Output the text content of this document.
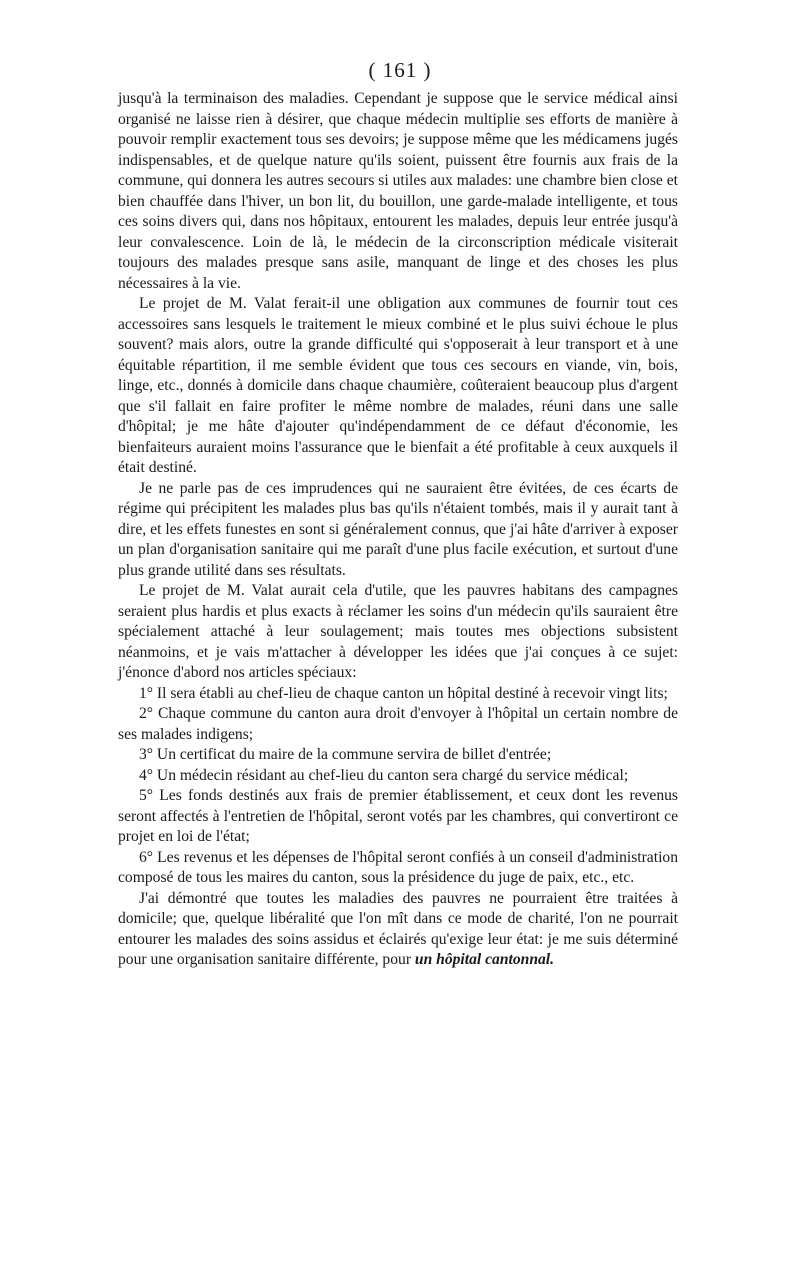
( 161 )

jusqu'à la terminaison des maladies. Cependant je suppose que le service médical ainsi organisé ne laisse rien à désirer, que chaque médecin multiplie ses efforts de manière à pouvoir remplir exactement tous ses devoirs; je suppose même que les médicamens jugés indispensables, et de quelque nature qu'ils soient, puissent être fournis aux frais de la commune, qui donnera les autres secours si utiles aux malades: une chambre bien close et bien chauffée dans l'hiver, un bon lit, du bouillon, une garde-malade intelligente, et tous ces soins divers qui, dans nos hôpitaux, entourent les malades, depuis leur entrée jusqu'à leur convalescence. Loin de là, le médecin de la circonscription médicale visiterait toujours des malades presque sans asile, manquant de linge et des choses les plus nécessaires à la vie.

Le projet de M. Valat ferait-il une obligation aux communes de fournir tout ces accessoires sans lesquels le traitement le mieux combiné et le plus suivi échoue le plus souvent? mais alors, outre la grande difficulté qui s'opposerait à leur transport et à une équitable répartition, il me semble évident que tous ces secours en viande, vin, bois, linge, etc., donnés à domicile dans chaque chaumière, coûteraient beaucoup plus d'argent que s'il fallait en faire profiter le même nombre de malades, réuni dans une salle d'hôpital; je me hâte d'ajouter qu'indépendamment de ce défaut d'économie, les bienfaiteurs auraient moins l'assurance que le bienfait a été profitable à ceux auxquels il était destiné.

Je ne parle pas de ces imprudences qui ne sauraient être évitées, de ces écarts de régime qui précipitent les malades plus bas qu'ils n'étaient tombés, mais il y aurait tant à dire, et les effets funestes en sont si généralement connus, que j'ai hâte d'arriver à exposer un plan d'organisation sanitaire qui me paraît d'une plus facile exécution, et surtout d'une plus grande utilité dans ses résultats.

Le projet de M. Valat aurait cela d'utile, que les pauvres habitans des campagnes seraient plus hardis et plus exacts à réclamer les soins d'un médecin qu'ils sauraient être spécialement attaché à leur soulagement; mais toutes mes objections subsistent néanmoins, et je vais m'attacher à développer les idées que j'ai conçues à ce sujet: j'énonce d'abord nos articles spéciaux:

1° Il sera établi au chef-lieu de chaque canton un hôpital destiné à recevoir vingt lits;

2° Chaque commune du canton aura droit d'envoyer à l'hôpital un certain nombre de ses malades indigens;

3° Un certificat du maire de la commune servira de billet d'entrée;

4° Un médecin résidant au chef-lieu du canton sera chargé du service médical;

5° Les fonds destinés aux frais de premier établissement, et ceux dont les revenus seront affectés à l'entretien de l'hôpital, seront votés par les chambres, qui convertiront ce projet en loi de l'état;

6° Les revenus et les dépenses de l'hôpital seront confiés à un conseil d'administration composé de tous les maires du canton, sous la présidence du juge de paix, etc., etc.

J'ai démontré que toutes les maladies des pauvres ne pourraient être traitées à domicile; que, quelque libéralité que l'on mît dans ce mode de charité, l'on ne pourrait entourer les malades des soins assidus et éclairés qu'exige leur état: je me suis déterminé pour une organisation sanitaire différente, pour un hôpital cantonnal.
